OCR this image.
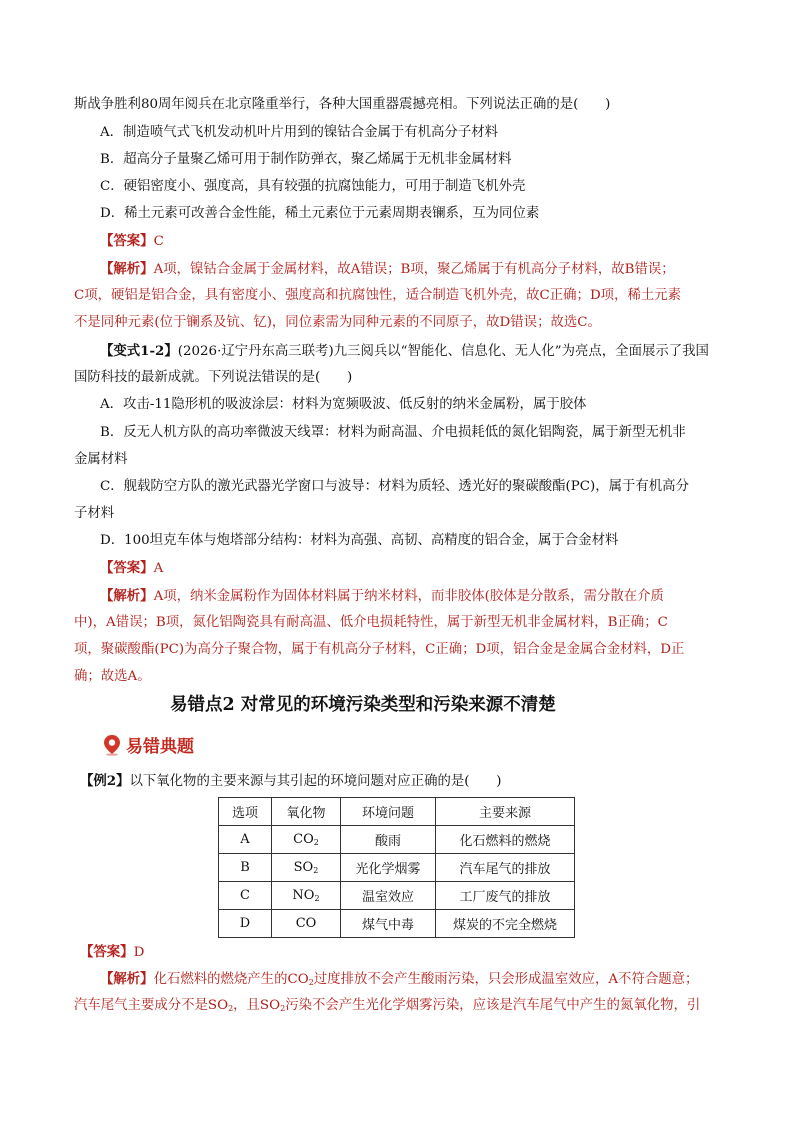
斯战争胜利80周年阅兵在北京隆重举行，各种大国重器震撼亮相。下列说法正确的是(　　)
A．制造喷气式飞机发动机叶片用到的镍钴合金属于有机高分子材料
B．超高分子量聚乙烯可用于制作防弹衣，聚乙烯属于无机非金属材料
C．硬铝密度小、强度高，具有较强的抗腐蚀能力，可用于制造飞机外壳
D．稀土元素可改善合金性能，稀土元素位于元素周期表镧系，互为同位素
【答案】C
【解析】A项，镍钴合金属于金属材料，故A错误；B项，聚乙烯属于有机高分子材料，故B错误；
C项，硬铝是铝合金，具有密度小、强度高和抗腐蚀性，适合制造飞机外壳，故C正确；D项，稀土元素
不是同种元素(位于镧系及钪、钇)，同位素需为同种元素的不同原子，故D错误；故选C。
【变式1-2】(2026·辽宁丹东高三联考)九三阅兵以“智能化、信息化、无人化”为亮点，全面展示了我国
国防科技的最新成就。下列说法错误的是(　　)
A．攻击-11隐形机的吸波涂层：材料为宽频吸波、低反射的纳米金属粉，属于胶体
B．反无人机方队的高功率微波天线罩：材料为耐高温、介电损耗低的氮化铝陶瓷，属于新型无机非
金属材料
C．舰载防空方队的激光武器光学窗口与波导：材料为质轻、透光好的聚碳酸酯(PC)，属于有机高分
子材料
D．100坦克车体与炮塔部分结构：材料为高强、高韧、高精度的铝合金，属于合金材料
【答案】A
【解析】A项，纳米金属粉作为固体材料属于纳米材料，而非胶体(胶体是分散系，需分散在介质
中)，A错误；B项，氮化铝陶瓷具有耐高温、低介电损耗特性，属于新型无机非金属材料，B正确；C
项，聚碳酸酯(PC)为高分子聚合物，属于有机高分子材料，C正确；D项，铝合金是金属合金材料，D正
确；故选A。
易错点2 对常见的环境污染类型和污染来源不清楚
易错典题
【例2】以下氧化物的主要来源与其引起的环境问题对应正确的是(　　)
选项	氧化物	环境问题	主要来源
A	$CO_2$	酸雨	化石燃料的燃烧
B	$SO_2$	光化学烟雾	汽车尾气的排放
C	$NO_2$	温室效应	工厂废气的排放
D	CO	煤气中毒	煤炭的不完全燃烧
【答案】D
【解析】化石燃料的燃烧产生的$CO_2$过度排放不会产生酸雨污染，只会形成温室效应，A不符合题意；
汽车尾气主要成分不是$SO_2$，且$SO_2$污染不会产生光化学烟雾污染，应该是汽车尾气中产生的氮氧化物，引
